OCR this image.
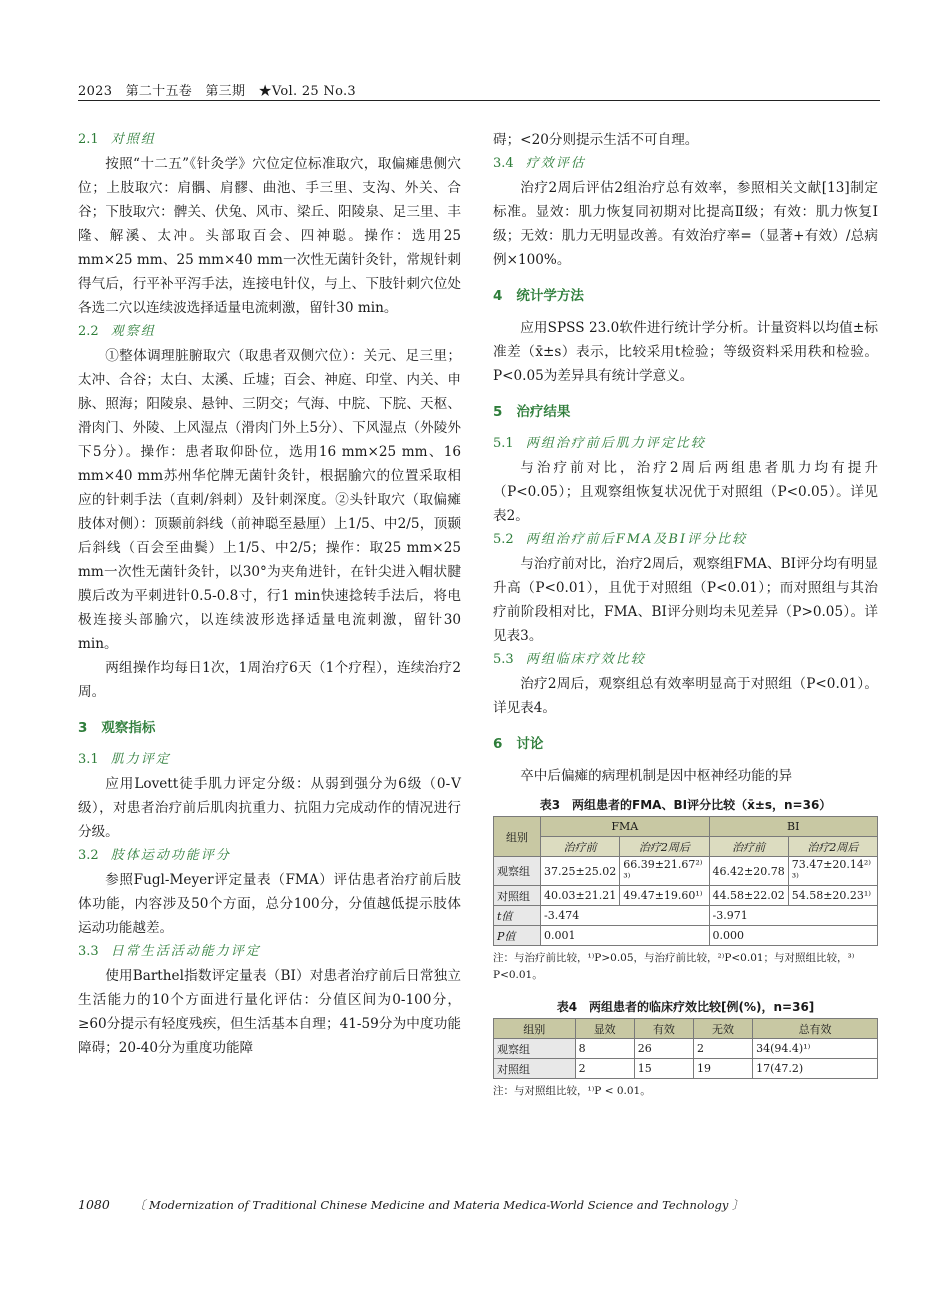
2023　第二十五卷　第三期　★Vol. 25 No.3
2.1 对照组

按照“十二五”《针灸学》穴位定位标准取穴，取偏瘫患侧穴位；上肢取穴：肩髃、肩髎、曲池、手三里、支沟、外关、合谷；下肢取穴：髀关、伏兔、风市、梁丘、阳陵泉、足三里、丰隆、解溪、太冲。头部取百会、四神聪。操作：选用25 mm×25 mm、25 mm×40 mm一次性无菌针灸针，常规针刺得气后，行平补平泻手法，连接电针仪，与上、下肢针刺穴位处各选二穴以连续波选择适量电流刺激，留针30 min。

2.2 观察组

①整体调理脏腑取穴（取患者双侧穴位）：关元、足三里；太冲、合谷；太白、太溪、丘墟；百会、神庭、印堂、内关、申脉、照海；阳陵泉、悬钟、三阴交；气海、中脘、下脘、天枢、滑肉门、外陵、上风湿点（滑肉门外上5分）、下风湿点（外陵外下5分）。操作：患者取仰卧位，选用16 mm×25 mm、16 mm×40 mm苏州华佗牌无菌针灸针，根据腧穴的位置采取相应的针刺手法（直刺/斜刺）及针刺深度。②头针取穴（取偏瘫肢体对侧）：顶颞前斜线（前神聪至悬厘）上1/5、中2/5，顶颞后斜线（百会至曲鬓）上1/5、中2/5；操作：取25 mm×25 mm一次性无菌针灸针，以30°为夹角进针，在针尖进入帽状腱膜后改为平刺进针0.5-0.8寸，行1 min快速捻转手法后，将电极连接头部腧穴，以连续波形选择适量电流刺激，留针30 min。

两组操作均每日1次，1周治疗6天（1个疗程），连续治疗2周。

3 观察指标
3.1 肌力评定

应用Lovett徒手肌力评定分级：从弱到强分为6级（0-Ⅴ级），对患者治疗前后肌肉抗重力、抗阻力完成动作的情况进行分级。

3.2 肢体运动功能评分

参照Fugl-Meyer评定量表（FMA）评估患者治疗前后肢体功能，内容涉及50个方面，总分100分，分值越低提示肢体运动功能越差。

3.3 日常生活活动能力评定

使用Barthel指数评定量表（BI）对患者治疗前后日常独立生活能力的10个方面进行量化评估：分值区间为0-100分，≥60分提示有轻度残疾，但生活基本自理；41-59分为中度功能障碍；20-40分为重度功能障

碍；<20分则提示生活不可自理。

3.4 疗效评估

治疗2周后评估2组治疗总有效率，参照相关文献[13]制定标准。显效：肌力恢复同初期对比提高Ⅱ级；有效：肌力恢复Ⅰ级；无效：肌力无明显改善。有效治疗率=（显著+有效）/总病例×100%。

4 统计学方法

应用SPSS 23.0软件进行统计学分析。计量资料以均值±标准差（x̄±s）表示，比较采用t检验；等级资料采用秩和检验。P<0.05为差异具有统计学意义。

5 治疗结果
5.1 两组治疗前后肌力评定比较

与治疗前对比，治疗2周后两组患者肌力均有提升（P<0.05）；且观察组恢复状况优于对照组（P<0.05）。详见表2。

5.2 两组治疗前后FMA及BI评分比较

与治疗前对比，治疗2周后，观察组FMA、BI评分均有明显升高（P<0.01），且优于对照组（P<0.01）；而对照组与其治疗前阶段相对比，FMA、BI评分则均未见差异（P>0.05）。详见表3。

5.3 两组临床疗效比较

治疗2周后，观察组总有效率明显高于对照组（P<0.01）。详见表4。

6 讨论

卒中后偏瘫的病理机制是因中枢神经功能的异

表3　两组患者的FMA、BI评分比较（x̄±s，n=36）
组别	FMA		BI	
	治疗前	治疗2周后	治疗前	治疗2周后
观察组	37.25±25.02	66.39±21.67²⁾³⁾	46.42±20.78	73.47±20.14²⁾³⁾
对照组	40.03±21.21	49.47±19.60¹⁾	44.58±22.02	54.58±20.23¹⁾
t值	-3.474		-3.971	
P值	0.001		0.000	
注：与治疗前比较，¹⁾P>0.05，与治疗前比较，²⁾P<0.01；与对照组比较，³⁾P<0.01。
表4　两组患者的临床疗效比较[例(%)，n=36]
组别	显效	有效	无效	总有效
观察组	8	26	2	34(94.4)¹⁾
对照组	2	15	19	17(47.2)
注：与对照组比较，¹⁾P < 0.01。
1080 〔 Modernization of Traditional Chinese Medicine and Materia Medica-World Science and Technology 〕
